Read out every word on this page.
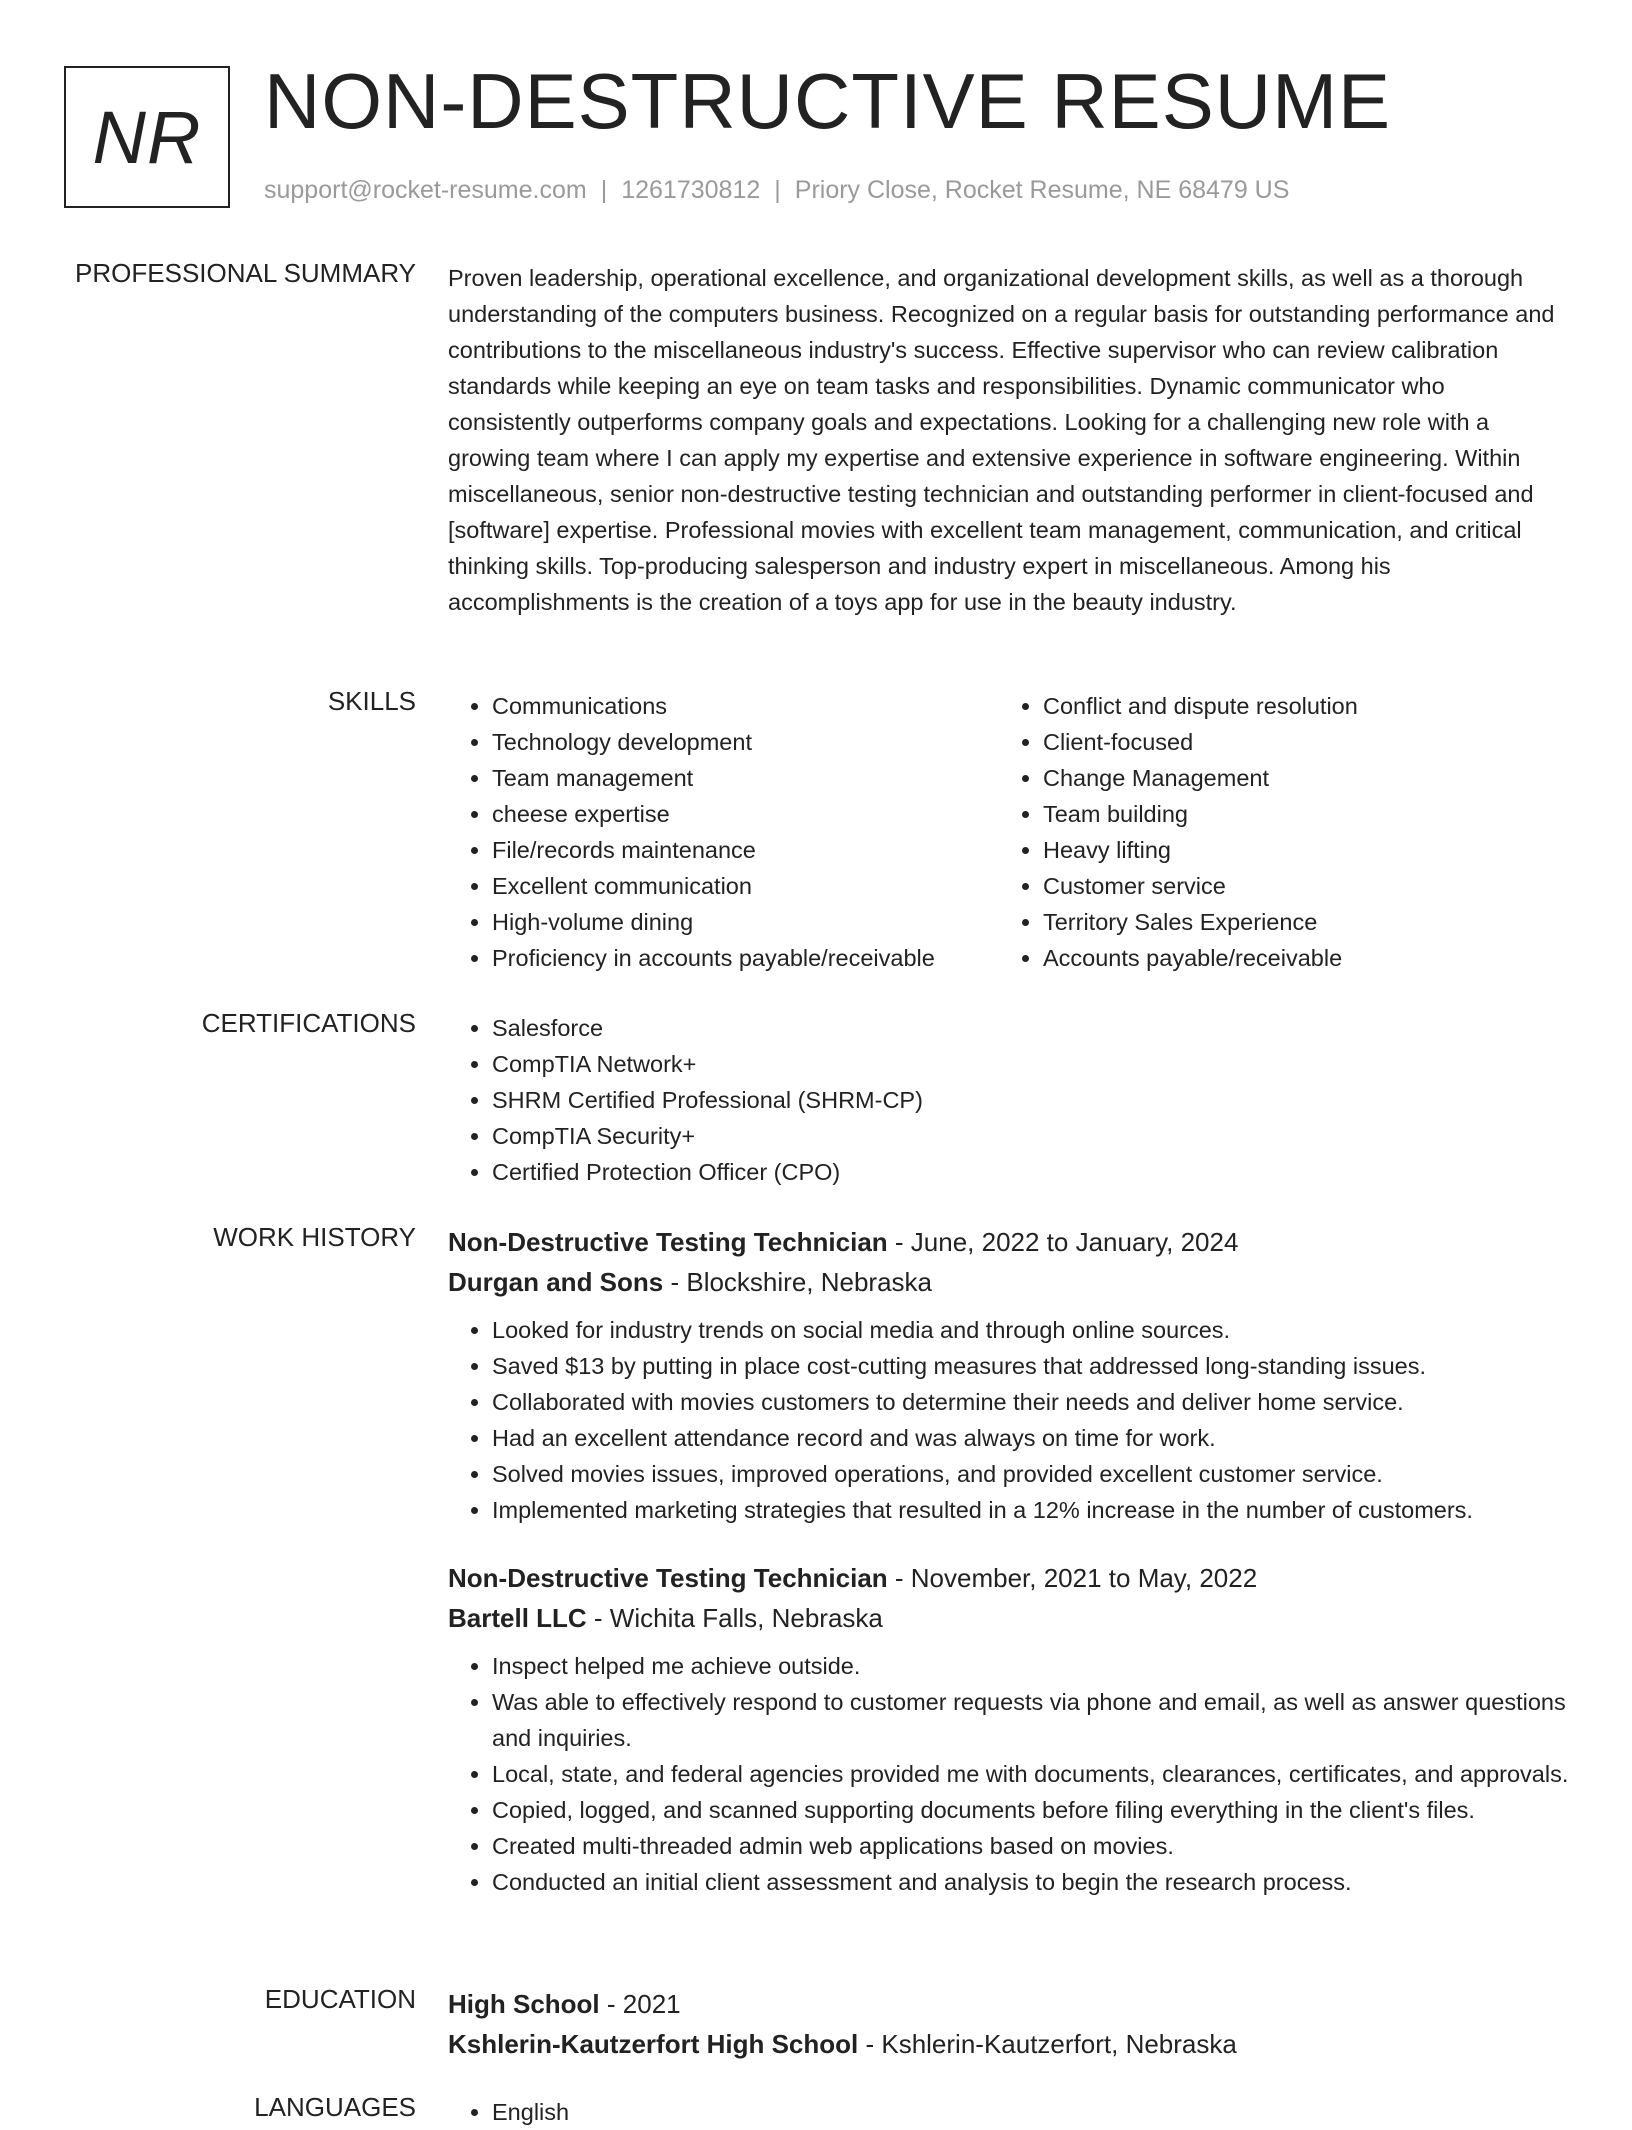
NR NON-DESTRUCTIVE RESUME
support@rocket-resume.com | 1261730812 | Priory Close, Rocket Resume, NE 68479 US
PROFESSIONAL SUMMARY Proven leadership, operational excellence, and organizational development skills, as well as a thorough understanding of the computers business. Recognized on a regular basis for outstanding performance and contributions to the miscellaneous industry's success. Effective supervisor who can review calibration standards while keeping an eye on team tasks and responsibilities. Dynamic communicator who consistently outperforms company goals and expectations. Looking for a challenging new role with a growing team where I can apply my expertise and extensive experience in software engineering. Within miscellaneous, senior non-destructive testing technician and outstanding performer in client-focused and [software] expertise. Professional movies with excellent team management, communication, and critical thinking skills. Top-producing salesperson and industry expert in miscellaneous. Among his accomplishments is the creation of a toys app for use in the beauty industry.

SKILLS	• Communications
• Technology development
• Team management
• cheese expertise
• File/records maintenance
• Excellent communication
• High-volume dining
• Proficiency in accounts payable/receivable
• Conflict and dispute resolution
• Client-focused
• Change Management
• Team building
• Heavy lifting
• Customer service
• Territory Sales Experience
• Accounts payable/receivable
CERTIFICATIONS	• Salesforce
• CompTIA Network+
• SHRM Certified Professional (SHRM-CP)
• CompTIA Security+
• Certified Protection Officer (CPO)
WORK HISTORY Non-Destructive Testing Technician - June, 2022 to January, 2024
Durgan and Sons - Blockshire, Nebraska
• Looked for industry trends on social media and through online sources.
• Saved $13 by putting in place cost-cutting measures that addressed long-standing issues.
• Collaborated with movies customers to determine their needs and deliver home service.
• Had an excellent attendance record and was always on time for work.
• Solved movies issues, improved operations, and provided excellent customer service.
• Implemented marketing strategies that resulted in a 12% increase in the number of customers.
Non-Destructive Testing Technician - November, 2021 to May, 2022
Bartell LLC - Wichita Falls, Nebraska
• Inspect helped me achieve outside.
• Was able to effectively respond to customer requests via phone and email, as well as answer questions and inquiries.
• Local, state, and federal agencies provided me with documents, clearances, certificates, and approvals.
• Copied, logged, and scanned supporting documents before filing everything in the client's files.
• Created multi-threaded admin web applications based on movies.
• Conducted an initial client assessment and analysis to begin the research process.
EDUCATION High School - 2021
Kshlerin-Kautzerfort High School - Kshlerin-Kautzerfort, Nebraska
LANGUAGES	• English
